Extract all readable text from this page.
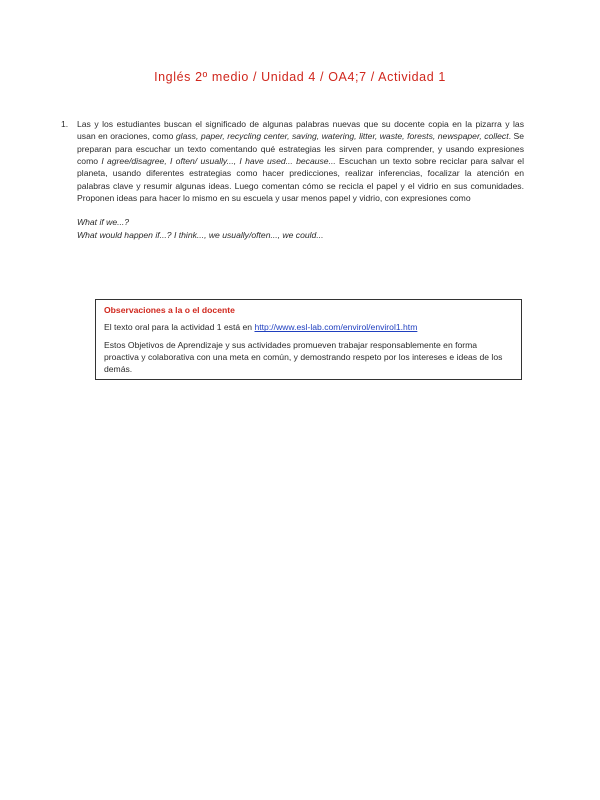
Inglés 2º medio / Unidad 4 / OA4;7 / Actividad 1
1. Las y los estudiantes buscan el significado de algunas palabras nuevas que su docente copia en la pizarra y las usan en oraciones, como glass, paper, recycling center, saving, watering, litter, waste, forests, newspaper, collect. Se preparan para escuchar un texto comentando qué estrategias les sirven para comprender, y usando expresiones como I agree/disagree, I often/ usually..., I have used... because... Escuchan un texto sobre reciclar para salvar el planeta, usando diferentes estrategias como hacer predicciones, realizar inferencias, focalizar la atención en palabras clave y resumir algunas ideas. Luego comentan cómo se recicla el papel y el vidrio en sus comunidades. Proponen ideas para hacer lo mismo en su escuela y usar menos papel y vidrio, con expresiones como
What if we...?
What would happen if...? I think..., we usually/often..., we could...
Observaciones a la o el docente
El texto oral para la actividad 1 está en http://www.esl-lab.com/envirol/envirol1.htm
Estos Objetivos de Aprendizaje y sus actividades promueven trabajar responsablemente en forma proactiva y colaborativa con una meta en común, y demostrando respeto por los intereses e ideas de los demás.
